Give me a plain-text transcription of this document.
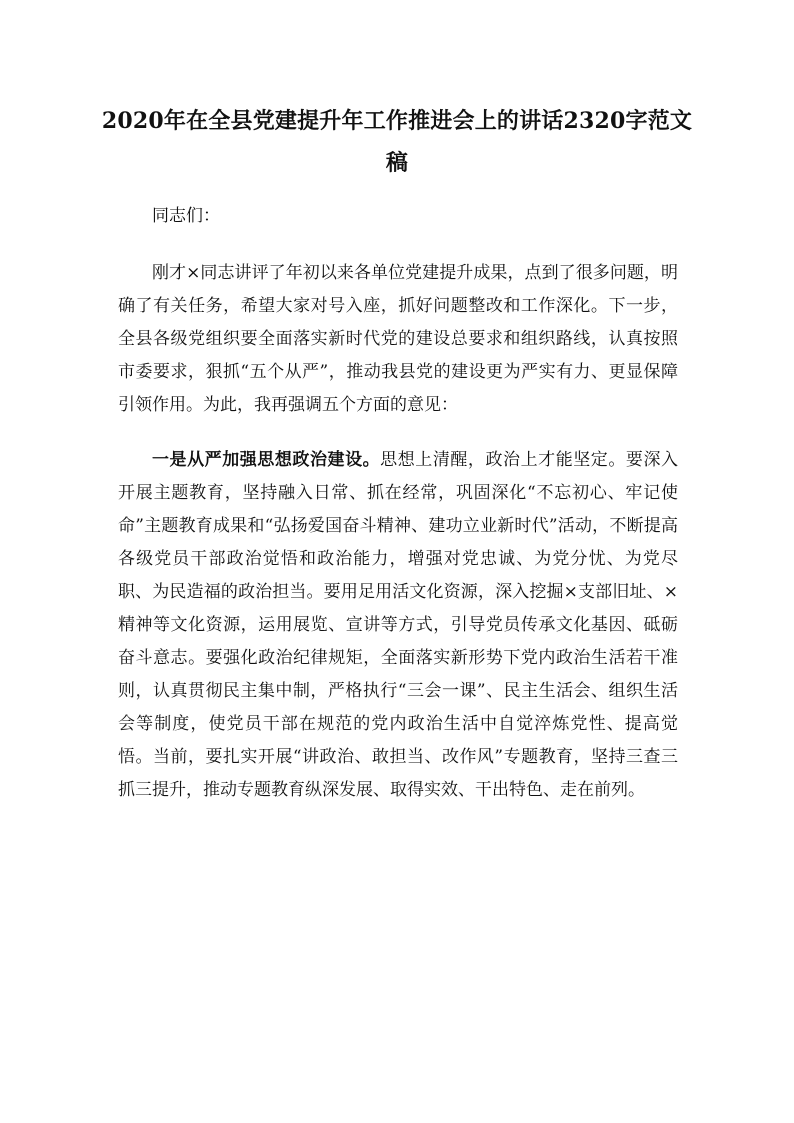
2020年在全县党建提升年工作推进会上的讲话2320字范文稿

同志们：

刚才×同志讲评了年初以来各单位党建提升成果，点到了很多问题，明确了有关任务，希望大家对号入座，抓好问题整改和工作深化。下一步，全县各级党组织要全面落实新时代党的建设总要求和组织路线，认真按照市委要求，狠抓“五个从严”，推动我县党的建设更为严实有力、更显保障引领作用。为此，我再强调五个方面的意见：

一是从严加强思想政治建设。思想上清醒，政治上才能坚定。要深入开展主题教育，坚持融入日常、抓在经常，巩固深化“不忘初心、牢记使命”主题教育成果和“弘扬爱国奋斗精神、建功立业新时代”活动，不断提高各级党员干部政治觉悟和政治能力，增强对党忠诚、为党分忧、为党尽职、为民造福的政治担当。要用足用活文化资源，深入挖掘×支部旧址、×精神等文化资源，运用展览、宣讲等方式，引导党员传承文化基因、砥砺奋斗意志。要强化政治纪律规矩，全面落实新形势下党内政治生活若干准则，认真贯彻民主集中制，严格执行“三会一课”、民主生活会、组织生活会等制度，使党员干部在规范的党内政治生活中自觉淬炼党性、提高觉悟。当前，要扎实开展“讲政治、敢担当、改作风”专题教育，坚持三查三抓三提升，推动专题教育纵深发展、取得实效、干出特色、走在前列。
